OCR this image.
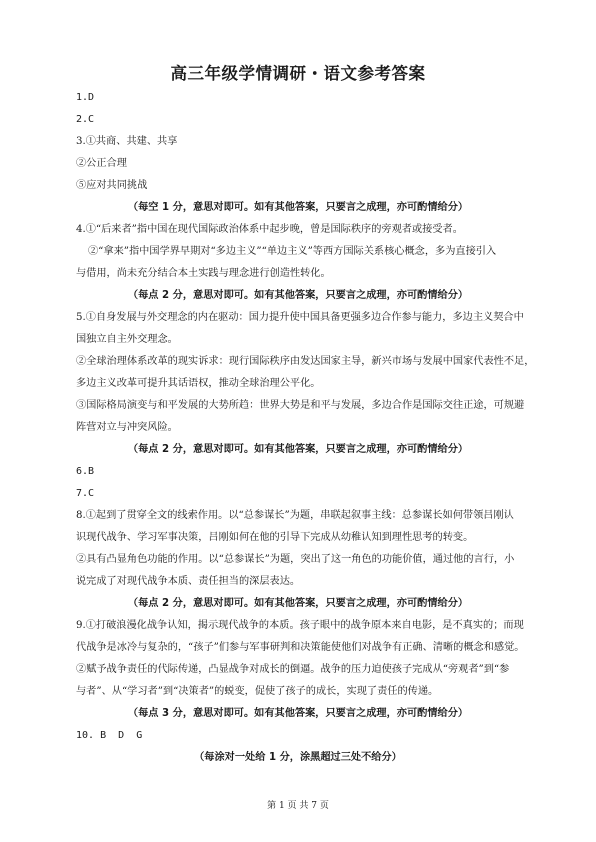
高三年级学情调研・语文参考答案
1.D
2.C
3.①共商、共建、共享
②公正合理
⑤应对共同挑战
（每空 1 分，意思对即可。如有其他答案，只要言之成理，亦可酌情给分）
4.①“后来者”指中国在现代国际政治体系中起步晚，曾是国际秩序的旁观者或接受者。
②“拿来”指中国学界早期对“多边主义”“单边主义”等西方国际关系核心概念，多为直接引入
与借用，尚未充分结合本土实践与理念进行创造性转化。
（每点 2 分，意思对即可。如有其他答案，只要言之成理，亦可酌情给分）
5.①自身发展与外交理念的内在驱动：国力提升使中国具备更强多边合作参与能力，多边主义契合中
国独立自主外交理念。
②全球治理体系改革的现实诉求：现行国际秩序由发达国家主导，新兴市场与发展中国家代表性不足，
多边主义改革可提升其话语权，推动全球治理公平化。
③国际格局演变与和平发展的大势所趋：世界大势是和平与发展，多边合作是国际交往正途，可规避
阵营对立与冲突风险。
（每点 2 分，意思对即可。如有其他答案，只要言之成理，亦可酌情给分）
6.B
7.C
8.①起到了贯穿全文的线索作用。以“总参谋长”为题，串联起叙事主线：总参谋长如何带领吕刚认
识现代战争、学习军事决策，吕刚如何在他的引导下完成从幼稚认知到理性思考的转变。
②具有凸显角色功能的作用。以“总参谋长”为题，突出了这一角色的功能价值，通过他的言行，小
说完成了对现代战争本质、责任担当的深层表达。
（每点 2 分，意思对即可。如有其他答案，只要言之成理，亦可酌情给分）
9.①打破浪漫化战争认知，揭示现代战争的本质。孩子眼中的战争原本来自电影，是不真实的；而现
代战争是冰冷与复杂的，“孩子”们参与军事研判和决策能使他们对战争有正确、清晰的概念和感觉。
②赋予战争责任的代际传递，凸显战争对成长的倒逼。战争的压力迫使孩子完成从“旁观者”到“参
与者”、从“学习者”到“决策者”的蜕变，促使了孩子的成长，实现了责任的传递。
（每点 3 分，意思对即可。如有其他答案，只要言之成理，亦可酌情给分）
10. B  D  G
（每涂对一处给 1 分，涂黑超过三处不给分）
第 1 页 共 7 页
